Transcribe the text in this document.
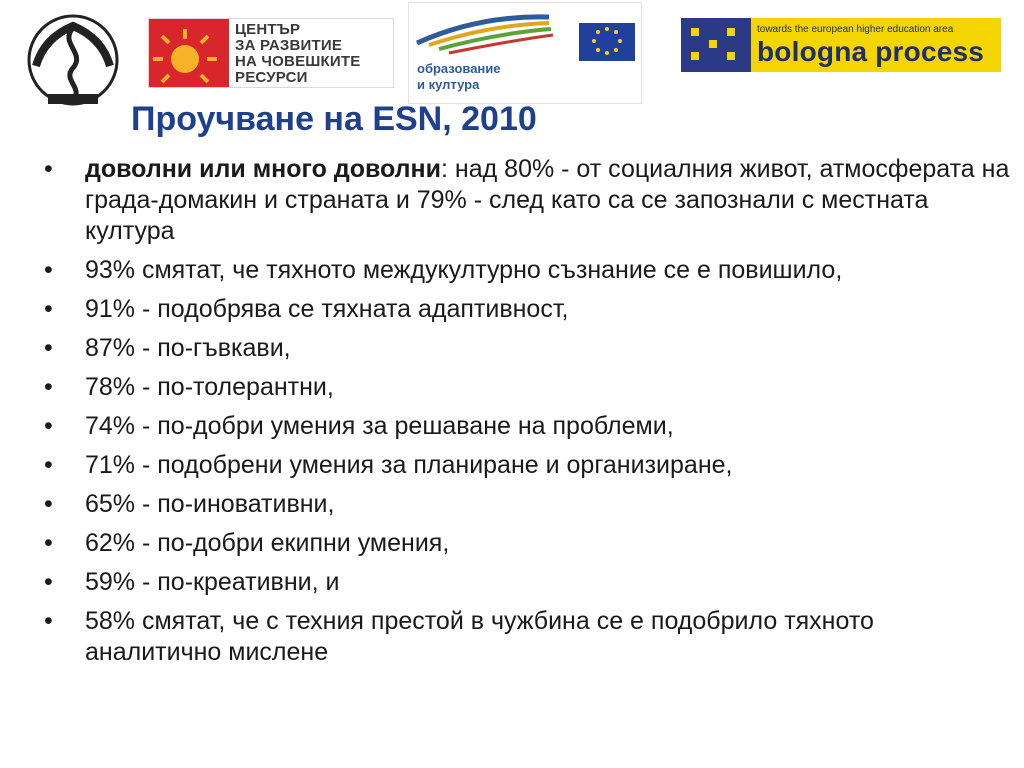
ЦЕНТЪР
ЗА РАЗВИТИЕ
НА ЧОВЕШКИТЕ
РЕСУРСИ
образование
и култура
towards the european higher education area
bologna process
Проучване на ESN, 2010
• доволни или много доволни: над 80% - от социалния живот, атмосферата на града-домакин и страната и 79% - след като са се запознали с местната култура
• 93% смятат, че тяхното междукултурно съзнание се е повишило,
• 91% - подобрява се тяхната адаптивност,
• 87% - по-гъвкави,
• 78% - по-толерантни,
• 74% - по-добри умения за решаване на проблеми,
• 71% - подобрени умения за планиране и организиране,
• 65% - по-иновативни,
• 62% - по-добри екипни умения,
• 59% - по-креативни, и
• 58% смятат, че с техния престой в чужбина се е подобрило тяхното аналитично мислене
